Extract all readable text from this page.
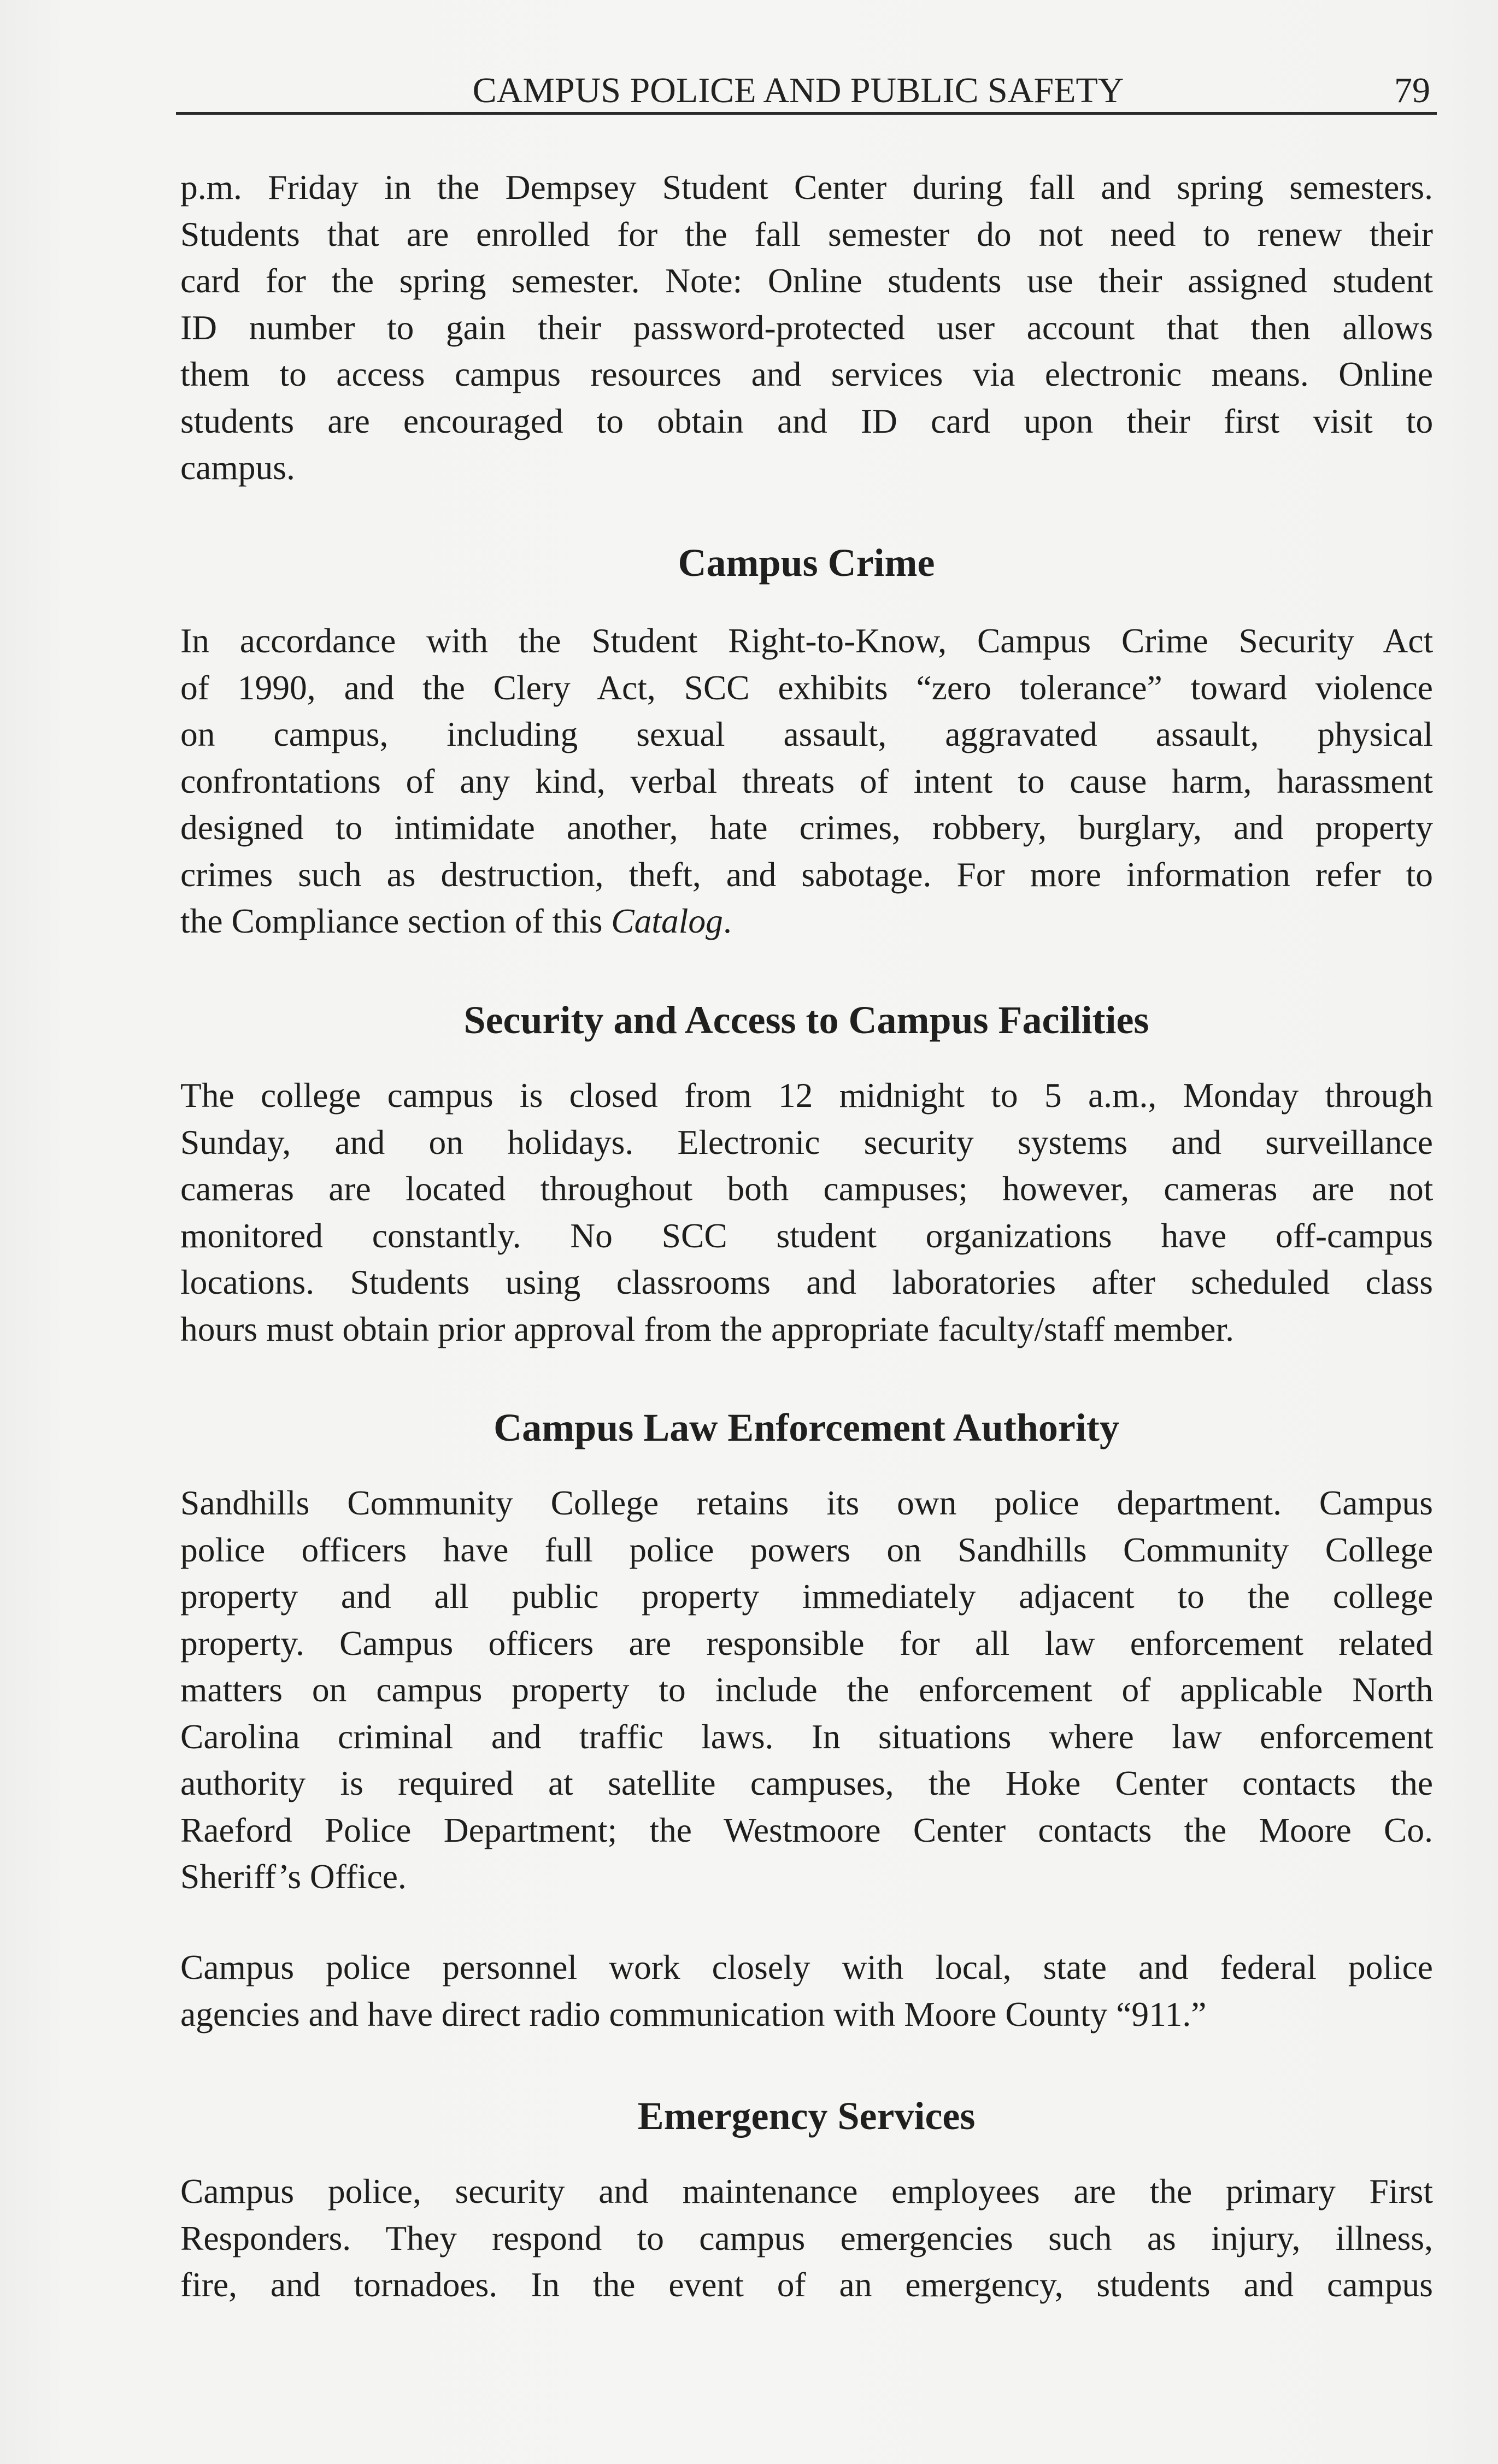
CAMPUS POLICE AND PUBLIC SAFETY	79
p.m. Friday in the Dempsey Student Center during fall and spring semesters.
Students that are enrolled for the fall semester do not need to renew their
card for the spring semester. Note: Online students use their assigned student
ID number to gain their password-protected user account that then allows
them to access campus resources and services via electronic means. Online
students are encouraged to obtain and ID card upon their first visit to
campus.
Campus Crime
In accordance with the Student Right-to-Know, Campus Crime Security Act
of 1990, and the Clery Act, SCC exhibits “zero tolerance” toward violence
on campus, including sexual assault, aggravated assault, physical
confrontations of any kind, verbal threats of intent to cause harm, harassment
designed to intimidate another, hate crimes, robbery, burglary, and property
crimes such as destruction, theft, and sabotage. For more information refer to
the Compliance section of this Catalog.
Security and Access to Campus Facilities
The college campus is closed from 12 midnight to 5 a.m., Monday through
Sunday, and on holidays. Electronic security systems and surveillance
cameras are located throughout both campuses; however, cameras are not
monitored constantly. No SCC student organizations have off-campus
locations. Students using classrooms and laboratories after scheduled class
hours must obtain prior approval from the appropriate faculty/staff member.
Campus Law Enforcement Authority
Sandhills Community College retains its own police department. Campus
police officers have full police powers on Sandhills Community College
property and all public property immediately adjacent to the college
property. Campus officers are responsible for all law enforcement related
matters on campus property to include the enforcement of applicable North
Carolina criminal and traffic laws. In situations where law enforcement
authority is required at satellite campuses, the Hoke Center contacts the
Raeford Police Department; the Westmoore Center contacts the Moore Co.
Sheriff’s Office.
Campus police personnel work closely with local, state and federal police
agencies and have direct radio communication with Moore County “911.”
Emergency Services
Campus police, security and maintenance employees are the primary First
Responders. They respond to campus emergencies such as injury, illness,
fire, and tornadoes. In the event of an emergency, students and campus
